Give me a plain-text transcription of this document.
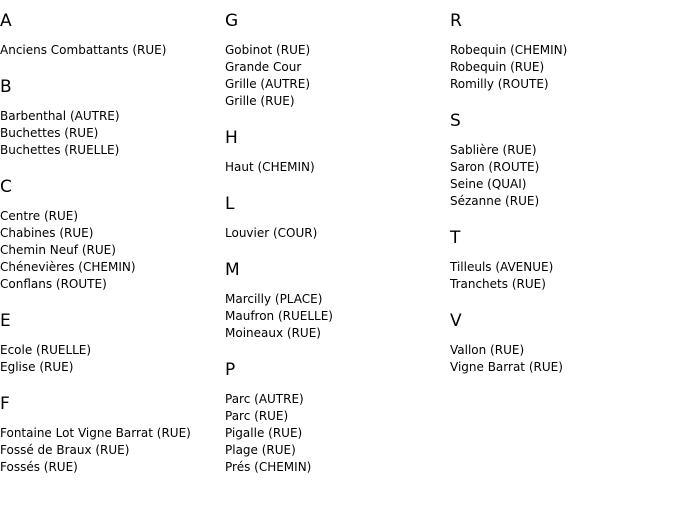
A
Anciens Combattants (RUE)
B
Barbenthal (AUTRE)
Buchettes (RUE)
Buchettes (RUELLE)
C
Centre (RUE)
Chabines (RUE)
Chemin Neuf (RUE)
Chénevières (CHEMIN)
Conflans (ROUTE)
E
Ecole (RUELLE)
Eglise (RUE)
F
Fontaine Lot Vigne Barrat (RUE)
Fossé de Braux (RUE)
Fossés (RUE)
G
Gobinot (RUE)
Grande Cour
Grille (AUTRE)
Grille (RUE)
H
Haut (CHEMIN)
L
Louvier (COUR)
M
Marcilly (PLACE)
Maufron (RUELLE)
Moineaux (RUE)
P
Parc (AUTRE)
Parc (RUE)
Pigalle (RUE)
Plage (RUE)
Prés (CHEMIN)
R
Robequin (CHEMIN)
Robequin (RUE)
Romilly (ROUTE)
S
Sablière (RUE)
Saron (ROUTE)
Seine (QUAI)
Sézanne (RUE)
T
Tilleuls (AVENUE)
Tranchets (RUE)
V
Vallon (RUE)
Vigne Barrat (RUE)
